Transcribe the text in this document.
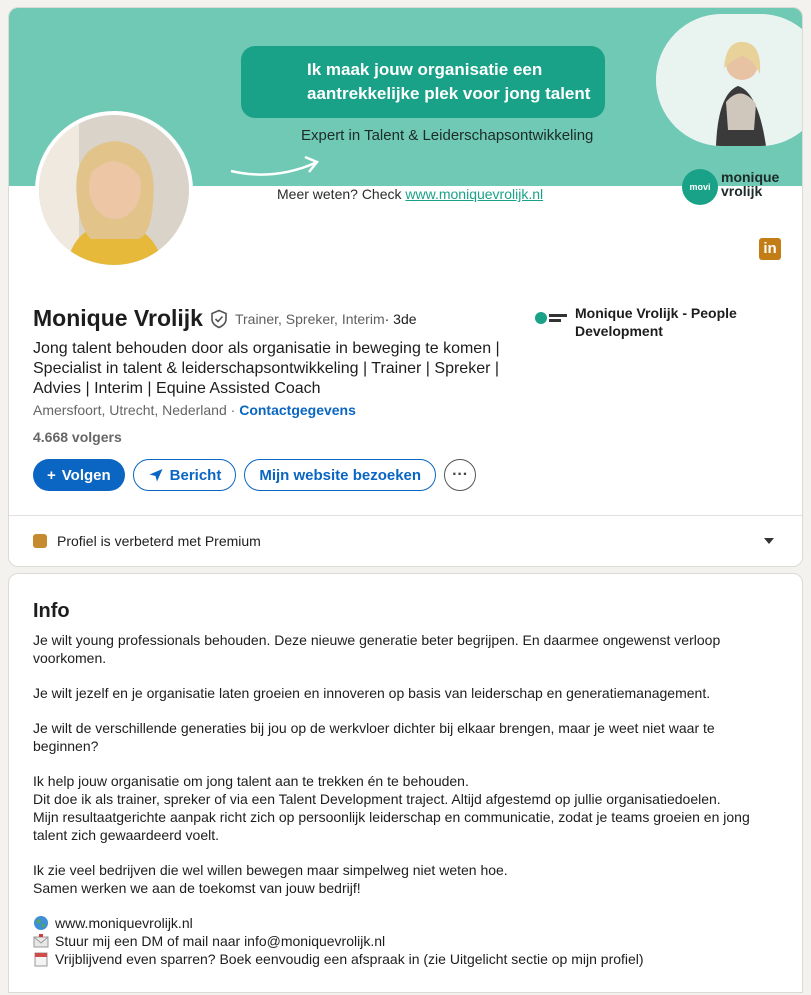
Ik maak jouw organisatie een aantrekkelijke plek voor jong talent
Expert in Talent & Leiderschapsontwikkeling
Meer weten? Check www.moniquevrolijk.nl	movi
monique
vrolijk
in
Monique Vrolijk Trainer, Spreker, Interim · 3de
Jong talent behouden door als organisatie in beweging te komen | Specialist in talent & leiderschapsontwikkeling | Trainer | Spreker | Advies | Interim | Equine Assisted Coach
Amersfoort, Utrecht, Nederland · Contactgegevens
4.668 volgers
Monique Vrolijk - People Development
+ Volgen	Bericht	Mijn website bezoeken	···
Profiel is verbeterd met Premium
Info

Je wilt young professionals behouden. Deze nieuwe generatie beter begrijpen. En daarmee ongewenst verloop voorkomen.

Je wilt jezelf en je organisatie laten groeien en innoveren op basis van leiderschap en generatiemanagement.

Je wilt de verschillende generaties bij jou op de werkvloer dichter bij elkaar brengen, maar je weet niet waar te beginnen?

Ik help jouw organisatie om jong talent aan te trekken én te behouden.

Dit doe ik als trainer, spreker of via een Talent Development traject. Altijd afgestemd op jullie organisatiedoelen.

Mijn resultaatgerichte aanpak richt zich op persoonlijk leiderschap en communicatie, zodat je teams groeien en jong talent zich gewaardeerd voelt.

Ik zie veel bedrijven die wel willen bewegen maar simpelweg niet weten hoe.

Samen werken we aan de toekomst van jouw bedrijf!

www.moniquevrolijk.nl
Stuur mij een DM of mail naar info@moniquevrolijk.nl
Vrijblijvend even sparren? Boek eenvoudig een afspraak in (zie Uitgelicht sectie op mijn profiel)
